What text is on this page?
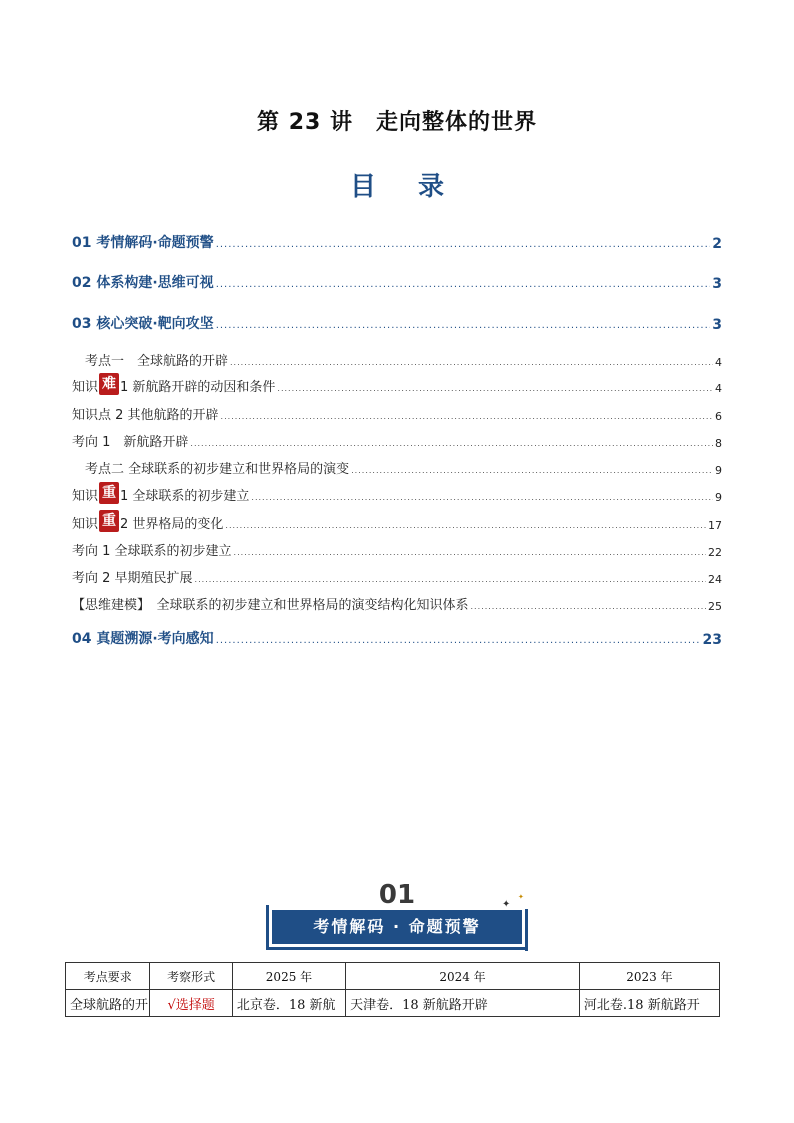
第 23 讲　走向整体的世界
目录
01 考情解码·命题预警 .....	2
02 体系构建·思维可视 .....	3
03 核心突破·靶向攻坚 .....	3
　考点一　全球航路的开辟 .....	4
知识 难 1 新航路开辟的动因和条件 .....	4
知识点 2 其他航路的开辟 .....	6
考向 1　新航路开辟 .....	8
　考点二 全球联系的初步建立和世界格局的演变 .....	9
知识 重 1 全球联系的初步建立 .....	9
知识 重 2 世界格局的变化 .....	17
考向 1 全球联系的初步建立 .....	22
考向 2 早期殖民扩展 .....	24
【思维建模】　全球联系的初步建立和世界格局的演变结构化知识体系 .....	25
04 真题溯源·考向感知 .....	23
01
考情解码 · 命题预警
✦
✦
考点要求	考察形式	2025 年	2024 年	2023 年
全球航路的开	√选择题	北京卷．18 新航	天津卷．18 新航路开辟	河北卷.18 新航路开
